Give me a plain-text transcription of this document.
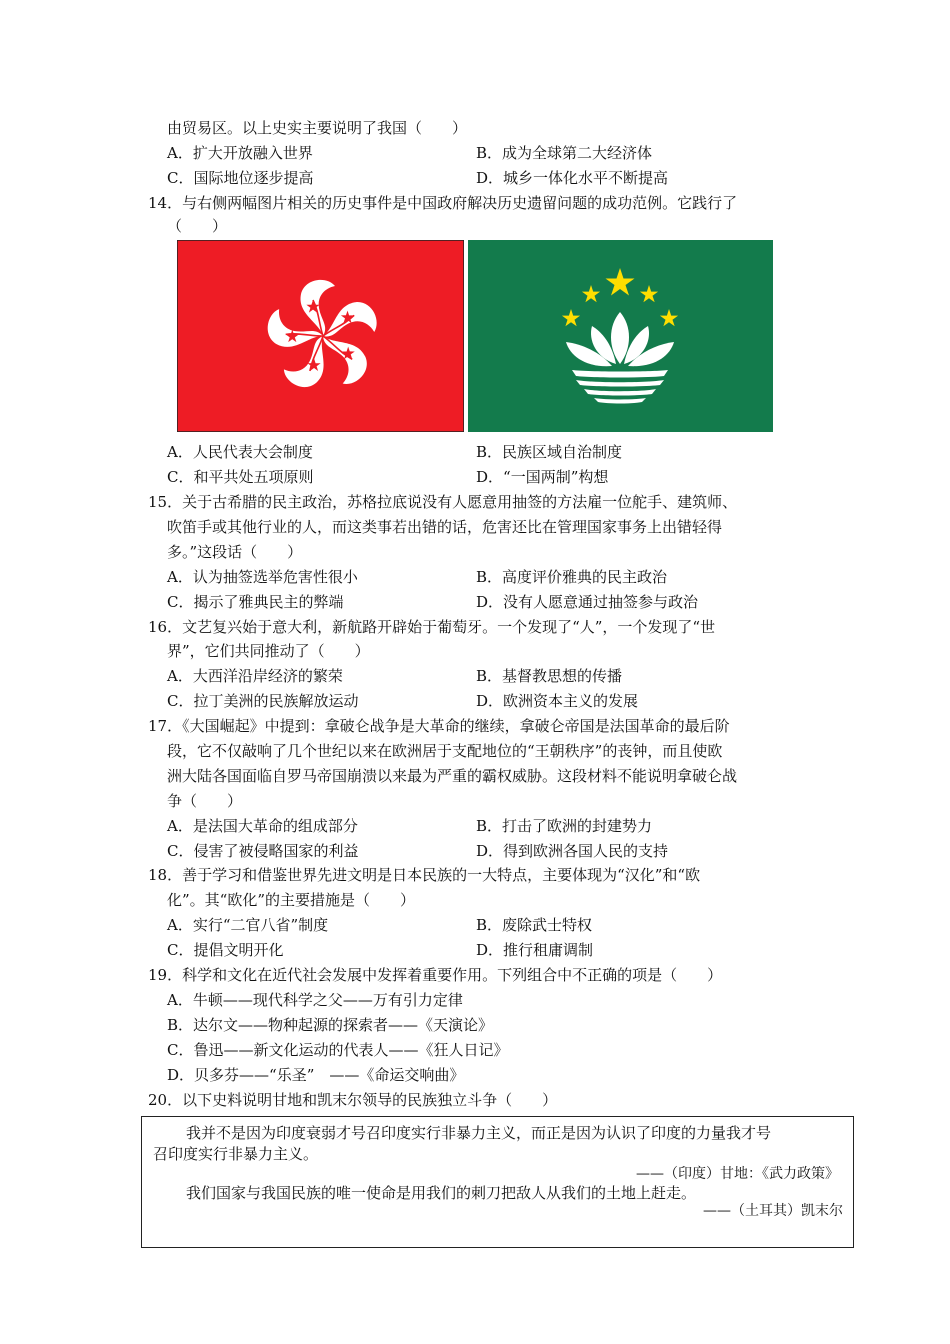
由贸易区。以上史实主要说明了我国（　　）
A．扩大开放融入世界	B．成为全球第二大经济体
C．国际地位逐步提高	D．城乡一体化水平不断提高
14．与右侧两幅图片相关的历史事件是中国政府解决历史遗留问题的成功范例。它践行了
（　　）
A．人民代表大会制度	B．民族区域自治制度
C．和平共处五项原则	D．“一国两制”构想
15．关于古希腊的民主政治，苏格拉底说没有人愿意用抽签的方法雇一位舵手、建筑师、
吹笛手或其他行业的人，而这类事若出错的话，危害还比在管理国家事务上出错轻得
多。”这段话（　　）
A．认为抽签选举危害性很小	B．高度评价雅典的民主政治
C．揭示了雅典民主的弊端	D．没有人愿意通过抽签参与政治
16．文艺复兴始于意大利，新航路开辟始于葡萄牙。一个发现了“人”，一个发现了“世
界”，它们共同推动了（　　）
A．大西洋沿岸经济的繁荣	B．基督教思想的传播
C．拉丁美洲的民族解放运动	D．欧洲资本主义的发展
17．《大国崛起》中提到：拿破仑战争是大革命的继续，拿破仑帝国是法国革命的最后阶
段，它不仅敲响了几个世纪以来在欧洲居于支配地位的“王朝秩序”的丧钟，而且使欧
洲大陆各国面临自罗马帝国崩溃以来最为严重的霸权威胁。这段材料不能说明拿破仑战
争（　　）
A．是法国大革命的组成部分	B．打击了欧洲的封建势力
C．侵害了被侵略国家的利益	D．得到欧洲各国人民的支持
18．善于学习和借鉴世界先进文明是日本民族的一大特点，主要体现为“汉化”和“欧
化”。其“欧化”的主要措施是（　　）
A．实行“二官八省”制度	B．废除武士特权
C．提倡文明开化	D．推行租庸调制
19．科学和文化在近代社会发展中发挥着重要作用。下列组合中不正确的项是（　　）
A．牛顿——现代科学之父——万有引力定律
B．达尔文——物种起源的探索者——《天演论》
C．鲁迅——新文化运动的代表人——《狂人日记》
D．贝多芬——“乐圣”　——《命运交响曲》
20．以下史料说明甘地和凯末尔领导的民族独立斗争（　　）
我并不是因为印度衰弱才号召印度实行非暴力主义，而正是因为认识了印度的力量我才号
召印度实行非暴力主义。
——（印度）甘地：《武力政策》
我们国家与我国民族的唯一使命是用我们的刺刀把敌人从我们的土地上赶走。
——（土耳其）凯末尔
